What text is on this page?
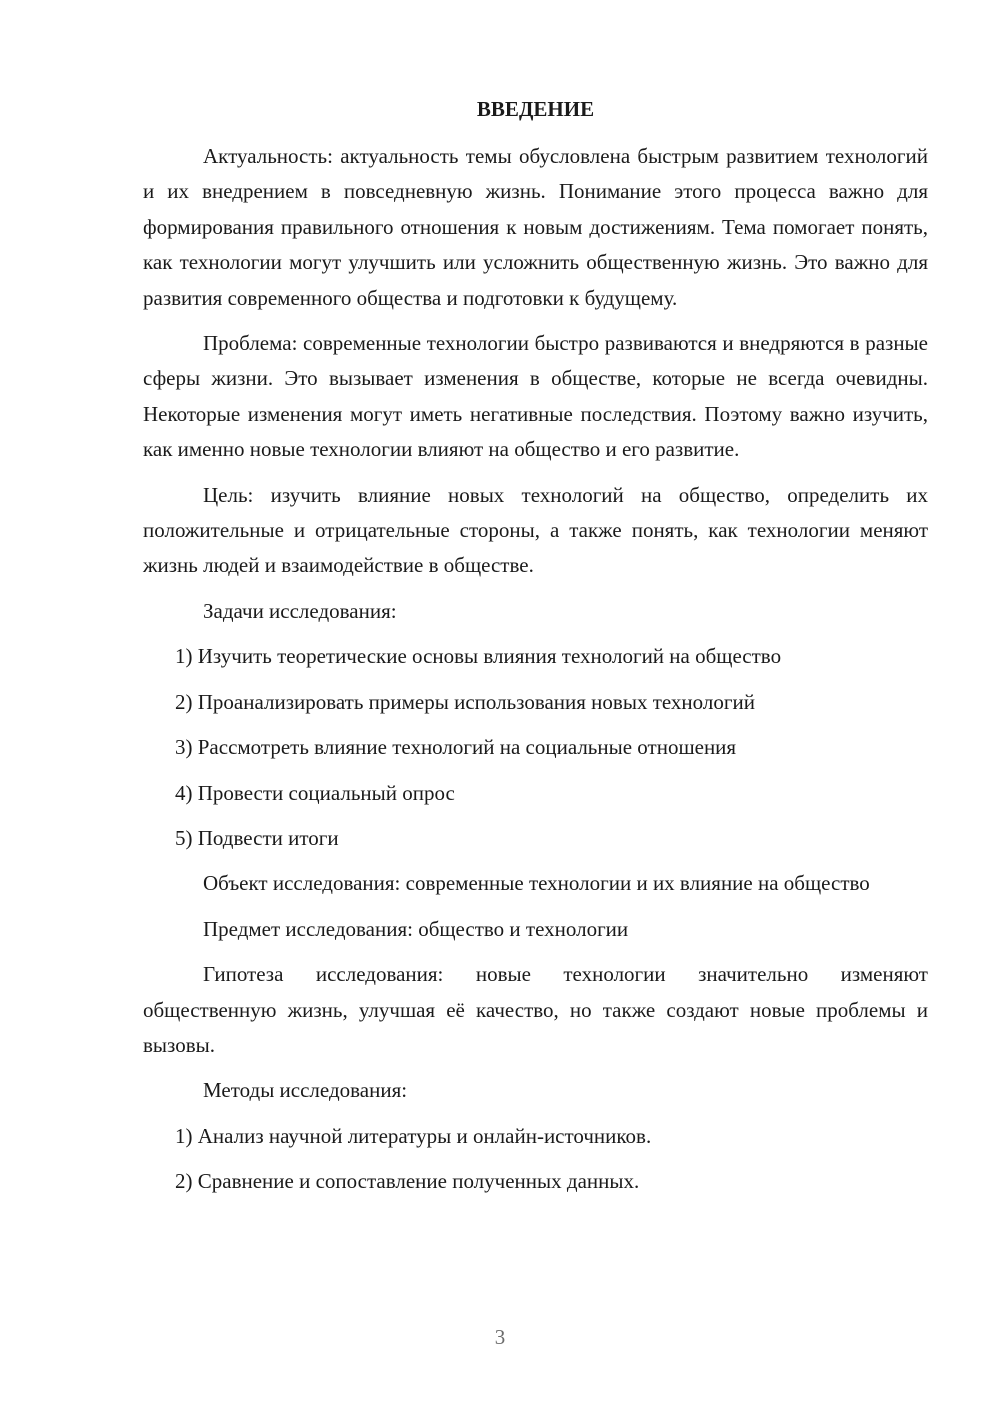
ВВЕДЕНИЕ

Актуальность: актуальность темы обусловлена быстрым развитием технологий и их внедрением в повседневную жизнь. Понимание этого процесса важно для формирования правильного отношения к новым достижениям. Тема помогает понять, как технологии могут улучшить или усложнить общественную жизнь. Это важно для развития современного общества и подготовки к будущему.

Проблема: современные технологии быстро развиваются и внедряются в разные сферы жизни. Это вызывает изменения в обществе, которые не всегда очевидны. Некоторые изменения могут иметь негативные последствия. Поэтому важно изучить, как именно новые технологии влияют на общество и его развитие.

Цель: изучить влияние новых технологий на общество, определить их положительные и отрицательные стороны, а также понять, как технологии меняют жизнь людей и взаимодействие в обществе.

Задачи исследования:

1) Изучить теоретические основы влияния технологий на общество
2) Проанализировать примеры использования новых технологий
3) Рассмотреть влияние технологий на социальные отношения
4) Провести социальный опрос
5) Подвести итоги

Объект исследования: современные технологии и их влияние на общество

Предмет исследования: общество и технологии

Гипотеза исследования: новые технологии значительно изменяют общественную жизнь, улучшая её качество, но также создают новые проблемы и вызовы.

Методы исследования:

1) Анализ научной литературы и онлайн-источников.
2) Сравнение и сопоставление полученных данных.
3
